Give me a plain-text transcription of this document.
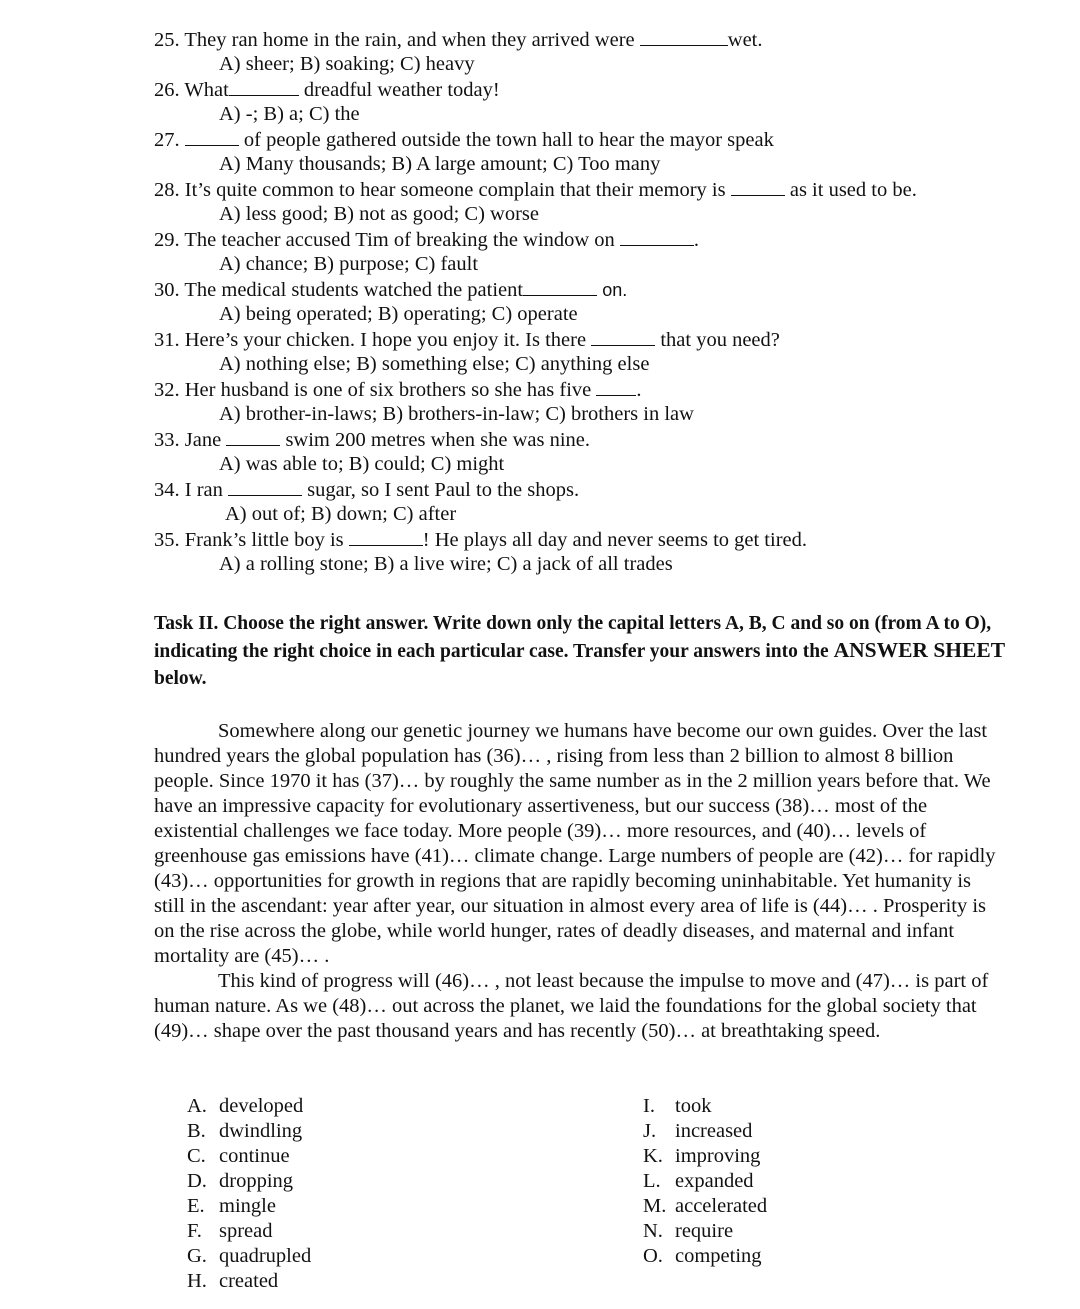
25. They ran home in the rain, and when they arrived were	wet.
A) sheer; B) soaking; C) heavy
26. What	dreadful weather today!
A) -; B) a; C) the
27.	of people gathered outside the town hall to hear the mayor speak
A) Many thousands; B) A large amount; C) Too many
28. It’s quite common to hear someone complain that their memory is	as it used to be.
A) less good; B) not as good; C) worse
29. The teacher accused Tim of breaking the window on	.
A) chance; B) purpose; C) fault
30. The medical students watched the patient	on.
A) being operated; B) operating; C) operate
31. Here’s your chicken. I hope you enjoy it. Is there	that you need?
A) nothing else; B) something else; C) anything else
32. Her husband is one of six brothers so she has five .
A) brother-in-laws; B) brothers-in-law; C) brothers in law
33. Jane	swim 200 metres when she was nine.
A) was able to; B) could; C) might
34. I ran	sugar, so I sent Paul to the shops.
A) out of; B) down; C) after
35. Frank’s little boy is	! He plays all day and never seems to get tired.
A) a rolling stone; B) a live wire; C) a jack of all trades
Task II. Choose the right answer. Write down only the capital letters A, B, C and so on (from A to O), indicating the right choice in each particular case. Transfer your answers into the ANSWER SHEET below.
Somewhere along our genetic journey we humans have become our own guides. Over the last hundred years the global population has (36)… , rising from less than 2 billion to almost 8 billion people. Since 1970 it has (37)… by roughly the same number as in the 2 million years before that. We have an impressive capacity for evolutionary assertiveness, but our success (38)… most of the existential challenges we face today. More people (39)… more resources, and (40)… levels of greenhouse gas emissions have (41)… climate change. Large numbers of people are (42)… for rapidly (43)… opportunities for growth in regions that are rapidly becoming uninhabitable. Yet humanity is still in the ascendant: year after year, our situation in almost every area of life is (44)… . Prosperity is on the rise across the globe, while world hunger, rates of deadly diseases, and maternal and infant mortality are (45)… .
This kind of progress will (46)… , not least because the impulse to move and (47)… is part of human nature. As we (48)… out across the planet, we laid the foundations for the global society that (49)… shape over the past thousand years and has recently (50)… at breathtaking speed.
A. developed
B. dwindling
C. continue
D. dropping
E. mingle
F. spread
G. quadrupled
H. created
I. took
J. increased
K. improving
L. expanded
M. accelerated
N. require
O. competing
